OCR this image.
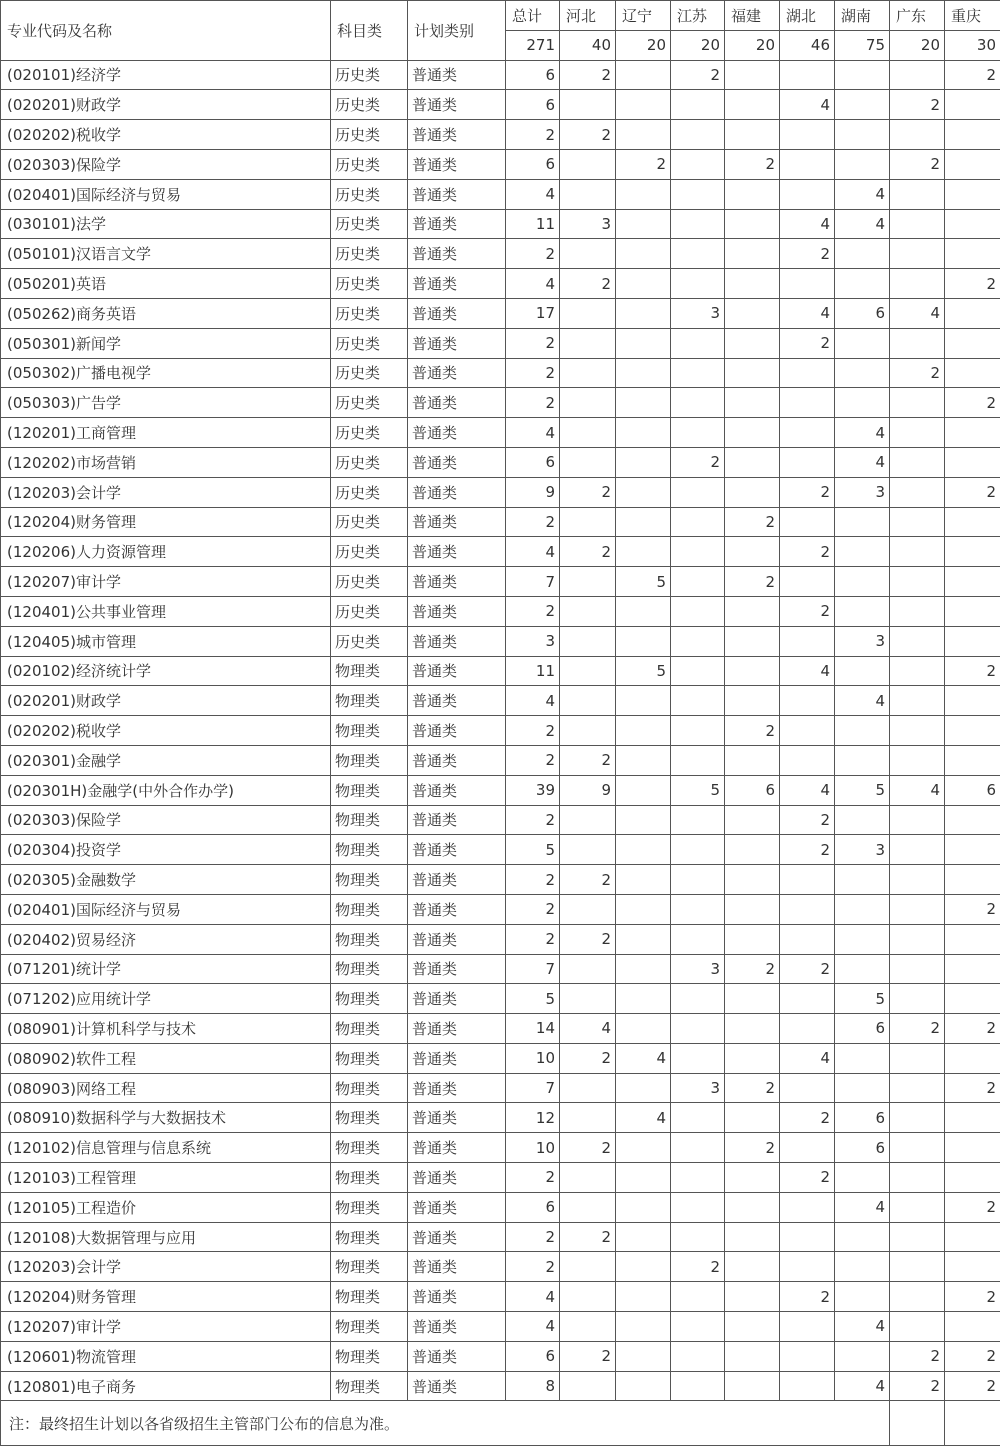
专业代码及名称	科目类	计划类别	总计	河北	辽宁	江苏	福建	湖北	湖南	广东	重庆
			271	40	20	20	20	46	75	20	30
(020101)经济学	历史类	普通类	6	2		2					2
(020201)财政学	历史类	普通类	6					4		2	
(020202)税收学	历史类	普通类	2	2							
(020303)保险学	历史类	普通类	6		2		2			2	
(020401)国际经济与贸易	历史类	普通类	4						4		
(030101)法学	历史类	普通类	11	3				4	4		
(050101)汉语言文学	历史类	普通类	2					2			
(050201)英语	历史类	普通类	4	2							2
(050262)商务英语	历史类	普通类	17			3		4	6	4	
(050301)新闻学	历史类	普通类	2					2			
(050302)广播电视学	历史类	普通类	2							2	
(050303)广告学	历史类	普通类	2								2
(120201)工商管理	历史类	普通类	4						4		
(120202)市场营销	历史类	普通类	6			2			4		
(120203)会计学	历史类	普通类	9	2				2	3		2
(120204)财务管理	历史类	普通类	2				2				
(120206)人力资源管理	历史类	普通类	4	2				2			
(120207)审计学	历史类	普通类	7		5		2				
(120401)公共事业管理	历史类	普通类	2					2			
(120405)城市管理	历史类	普通类	3						3		
(020102)经济统计学	物理类	普通类	11		5			4			2
(020201)财政学	物理类	普通类	4						4		
(020202)税收学	物理类	普通类	2				2				
(020301)金融学	物理类	普通类	2	2							
(020301H)金融学(中外合作办学)	物理类	普通类	39	9		5	6	4	5	4	6
(020303)保险学	物理类	普通类	2					2			
(020304)投资学	物理类	普通类	5					2	3		
(020305)金融数学	物理类	普通类	2	2							
(020401)国际经济与贸易	物理类	普通类	2								2
(020402)贸易经济	物理类	普通类	2	2							
(071201)统计学	物理类	普通类	7			3	2	2			
(071202)应用统计学	物理类	普通类	5						5		
(080901)计算机科学与技术	物理类	普通类	14	4					6	2	2
(080902)软件工程	物理类	普通类	10	2	4			4			
(080903)网络工程	物理类	普通类	7			3	2				2
(080910)数据科学与大数据技术	物理类	普通类	12		4			2	6		
(120102)信息管理与信息系统	物理类	普通类	10	2			2		6		
(120103)工程管理	物理类	普通类	2					2			
(120105)工程造价	物理类	普通类	6						4		2
(120108)大数据管理与应用	物理类	普通类	2	2							
(120203)会计学	物理类	普通类	2			2					
(120204)财务管理	物理类	普通类	4					2			2
(120207)审计学	物理类	普通类	4						4		
(120601)物流管理	物理类	普通类	6	2						2	2
(120801)电子商务	物理类	普通类	8						4	2	2
注：最终招生计划以各省级招生主管部门公布的信息为准。											
